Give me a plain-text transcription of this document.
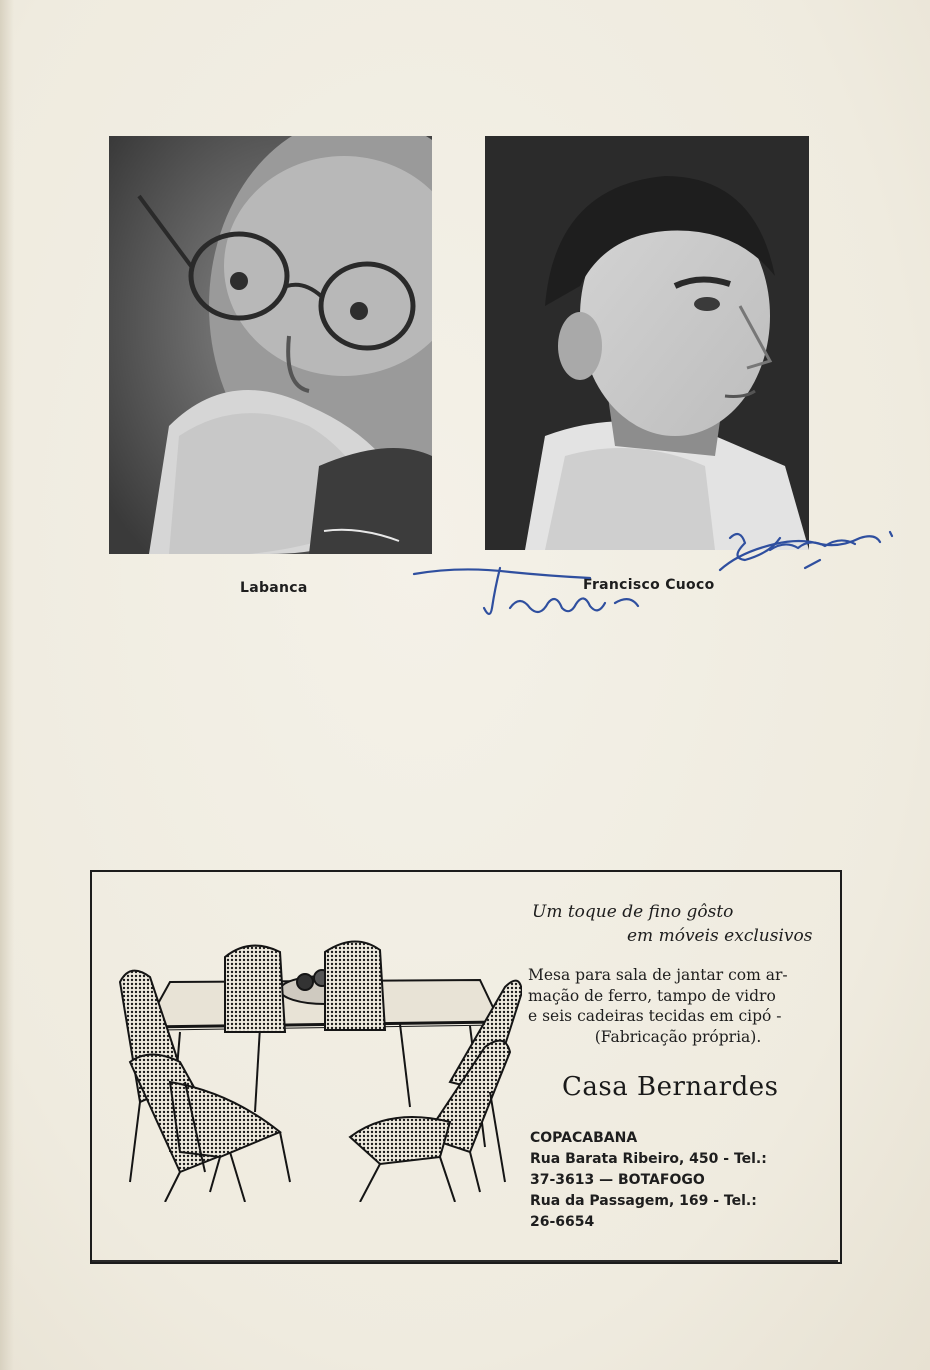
Labanca	Francisco Cuoco
Um toque de fino gôsto
em móveis exclusivos
Mesa para sala de jantar com ar-
mação de ferro, tampo de vidro
e seis cadeiras tecidas em cipó -
(Fabricação própria).
Casa Bernardes
COPACABANA
Rua Barata Ribeiro, 450 - Tel.:
37-3613 — BOTAFOGO
Rua da Passagem, 169 - Tel.:
26-6654
